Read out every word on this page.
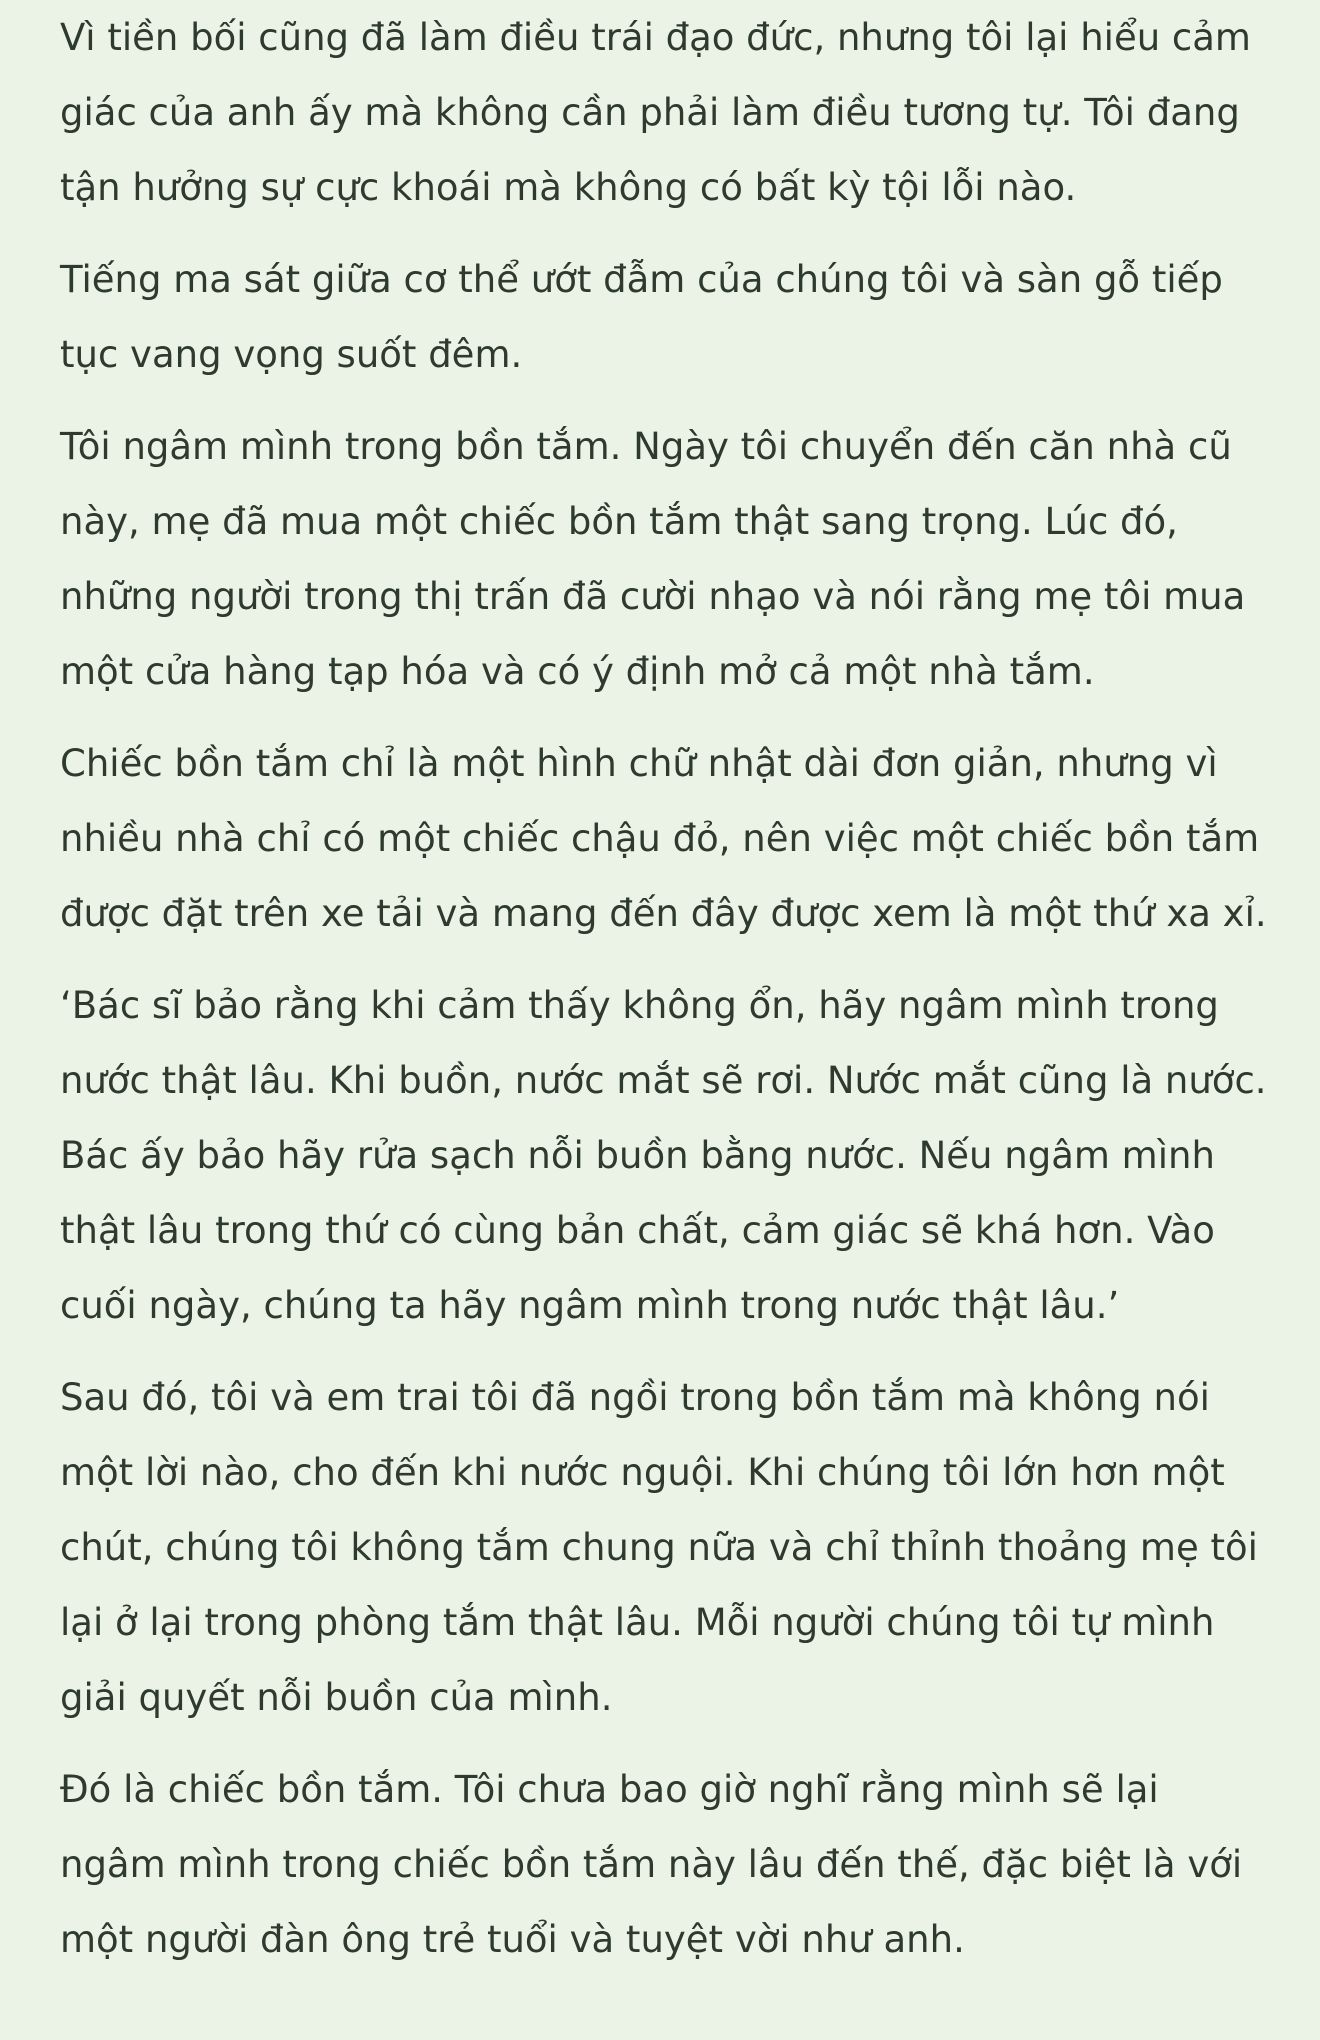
Vì tiền bối cũng đã làm điều trái đạo đức, nhưng tôi lại hiểu cảm giác của anh ấy mà không cần phải làm điều tương tự. Tôi đang tận hưởng sự cực khoái mà không có bất kỳ tội lỗi nào.

Tiếng ma sát giữa cơ thể ướt đẫm của chúng tôi và sàn gỗ tiếp tục vang vọng suốt đêm.

Tôi ngâm mình trong bồn tắm. Ngày tôi chuyển đến căn nhà cũ này, mẹ đã mua một chiếc bồn tắm thật sang trọng. Lúc đó, những người trong thị trấn đã cười nhạo và nói rằng mẹ tôi mua một cửa hàng tạp hóa và có ý định mở cả một nhà tắm.

Chiếc bồn tắm chỉ là một hình chữ nhật dài đơn giản, nhưng vì nhiều nhà chỉ có một chiếc chậu đỏ, nên việc một chiếc bồn tắm được đặt trên xe tải và mang đến đây được xem là một thứ xa xỉ.

‘Bác sĩ bảo rằng khi cảm thấy không ổn, hãy ngâm mình trong nước thật lâu. Khi buồn, nước mắt sẽ rơi. Nước mắt cũng là nước. Bác ấy bảo hãy rửa sạch nỗi buồn bằng nước. Nếu ngâm mình thật lâu trong thứ có cùng bản chất, cảm giác sẽ khá hơn. Vào cuối ngày, chúng ta hãy ngâm mình trong nước thật lâu.’

Sau đó, tôi và em trai tôi đã ngồi trong bồn tắm mà không nói một lời nào, cho đến khi nước nguội. Khi chúng tôi lớn hơn một chút, chúng tôi không tắm chung nữa và chỉ thỉnh thoảng mẹ tôi lại ở lại trong phòng tắm thật lâu. Mỗi người chúng tôi tự mình giải quyết nỗi buồn của mình.

Đó là chiếc bồn tắm. Tôi chưa bao giờ nghĩ rằng mình sẽ lại ngâm mình trong chiếc bồn tắm này lâu đến thế, đặc biệt là với một người đàn ông trẻ tuổi và tuyệt vời như anh.
